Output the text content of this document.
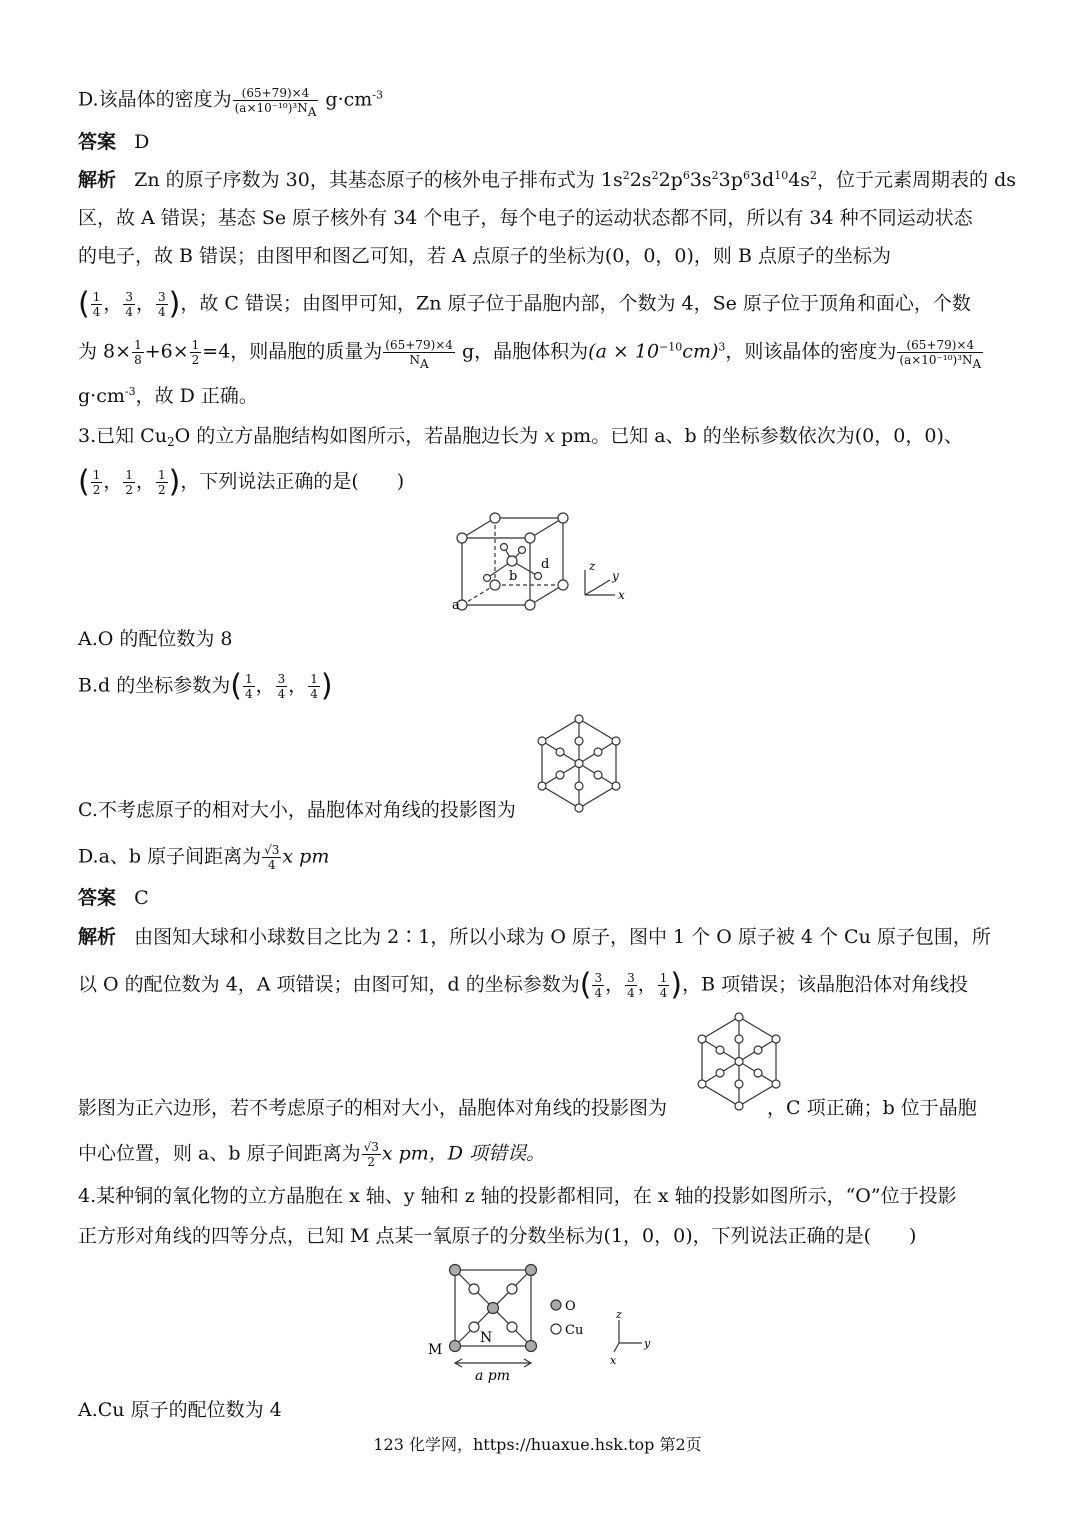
D.该晶体的密度为 $\frac{(65+79)\times 4}{(a\times 10^{-10})^3N_A} g\cdot cm^{-3}$
答案 D
解析 Zn 的原子序数为 30，其基态原子的核外电子排布式为 $1s^22s^22p^63s^23p^63d^{10}4s^2$，位于元素周期表的 ds
区，故 A 错误；基态 Se 原子核外有 34 个电子，每个电子的运动状态都不同，所以有 34 种不同运动状态
的电子，故 B 错误；由图甲和图乙可知，若 A 点原子的坐标为(0，0，0)，则 B 点原子的坐标为
( $\frac{1}{4}$ ， $\frac{3}{4}$ ， $\frac{3}{4}$ )，故 C 错误；由图甲可知，Zn 原子位于晶胞内部，个数为 4，Se 原子位于顶角和面心，个数
为 $8\times \frac{1}{8} +6\times \frac{1}{2} =4$，则晶胞的质量为 $\frac{(65+79)\times 4}{N_A}$ g，晶胞体积为$(a \times 10^{-10}cm)^3$，则该晶体的密度为 $\frac{(65+79)\times 4}{(a\times 10^{-10})^3N_A}$
$g\cdot cm^{-3}$，故 D 正确。
3.已知 $Cu_2O$ 的立方晶胞结构如图所示，若晶胞边长为 x pm。已知 a、b 的坐标参数依次为(0，0，0)、
( $\frac{1}{2}$ ， $\frac{1}{2}$ ， $\frac{1}{2}$ )，下列说法正确的是(　　)
a
b
d	z
y
x
A.O 的配位数为 8
B.d 的坐标参数为( $\frac{1}{4}$ ， $\frac{3}{4}$ ， $\frac{1}{4}$ )
C.不考虑原子的相对大小，晶胞体对角线的投影图为
D.a、b 原子间距离为 $\frac{√3}{4}$ x pm
答案 C
解析 由图知大球和小球数目之比为 2∶1，所以小球为 O 原子，图中 1 个 O 原子被 4 个 Cu 原子包围，所
以 O 的配位数为 4，A 项错误；由图可知，d 的坐标参数为( $\frac{3}{4}$ ， $\frac{3}{4}$ ， $\frac{1}{4}$ )，B 项错误；该晶胞沿体对角线投
影图为正六边形，若不考虑原子的相对大小，晶胞体对角线的投影图为	，C 项正确；b 位于晶胞
中心位置，则 a、b 原子间距离为 $\frac{√3}{2}$ x pm，D 项错误。
4.某种铜的氧化物的立方晶胞在 x 轴、y 轴和 z 轴的投影都相同，在 x 轴的投影如图所示，“O”位于投影
正方形对角线的四等分点，已知 M 点某一氧原子的分数坐标为(1，0，0)，下列说法正确的是(　　)
M
N
a pm
O
Cu
z
y
x
A.Cu 原子的配位数为 4
123 化学网，https://huaxue.hsk.top 第2页
